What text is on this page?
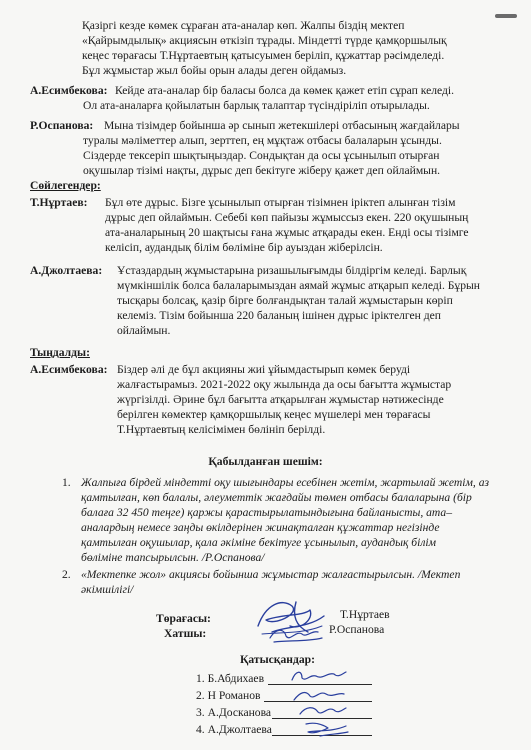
Қазіргі кезде көмек сұраған ата-аналар көп. Жалпы біздің мектеп

«Қайрымдылық» акциясын өткізіп тұрады. Міндетті түрде қамқоршылық

кеңес төрағасы Т.Нұртаевтың қатысуымен беріліп, құжаттар рәсімделеді.

Бұл жұмыстар жыл бойы орын алады деген ойдамыз.

А.Есимбекова: Кейде ата-аналар бір баласы болса да көмек қажет етіп сұрап келеді.

Ол ата-аналарға қойылатын барлық талаптар түсіндіріліп отырылады.

Р.Оспанова: Мына тізімдер бойынша әр сынып жетекшілері отбасының жағдайлары

туралы мәліметтер алып, зерттеп, ең мұқтаж отбасы балаларын ұсынды.

Сіздерде тексеріп шықтыңыздар. Сондықтан да осы ұсынылып отырған

оқушылар тізімі нақты, дұрыс деп бекітуге жіберу қажет деп ойлаймын.

Сөйлегендер:

Т.Нұртаев: Бұл өте дұрыс. Бізге ұсынылып отырған тізімнен іріктеп алынған тізім

дұрыс деп ойлаймын. Себебі көп пайызы жұмыссыз екен. 220 оқушының

ата-аналарының 20 шақтысы ғана жұмыс атқарады екен. Енді осы тізімге

келісіп, аудандық білім бөліміне бір ауыздан жіберілсін.

А.Джолтаева: Ұстаздардың жұмыстарына ризашылығымды білдіргім келеді. Барлық

мүмкіншілік болса балаларымыздан аямай жұмыс атқарып келеді. Бұрын

тысқары болсақ, қазір бірге болғандықтан талай жұмыстарын көріп

келеміз. Тізім бойынша 220 баланың ішінен дұрыс іріктелген деп

ойлаймын.

Тыңдалды:

А.Есимбекова: Біздер әлі де бұл акцияны жиі ұйымдастырып көмек беруді

жалғастырамыз. 2021-2022 оқу жылында да осы бағытта жұмыстар

жүргізілді. Әрине бұл бағытта атқарылған жұмыстар нәтижесінде

берілген көмектер қамқоршылық кеңес мүшелері мен төрағасы

Т.Нұртаевтың келісімімен бөлініп берілді.

Қабылданған шешім:

1. Жалпыға бірдей міндетті оқу шығындары есебінен жетім, жартылай жетім, аз

қамтылған, көп балалы, әлеуметтік жағдайы төмен отбасы балаларына (бір

балаға 32 450 теңге) қаржы қарастырылатындығына байланысты, ата–

аналардың немесе заңды өкілдерінен жинақталған құжаттар негізінде

қамтылған оқушылар, қала әкіміне бекітуге ұсынылып, аудандық білім

бөліміне тапсырылсын. /Р.Оспанова/

2. «Мектепке жол» акциясы бойынша жұмыстар жалғастырылсын. /Мектеп

әкімшілігі/

Төрағасы:

Хатшы:

Т.Нұртаев

Р.Оспанова

Қатысқандар:

1. Б.Абдихаев

2. Н Романов

3. А.Досканова

4. А.Джолтаева
